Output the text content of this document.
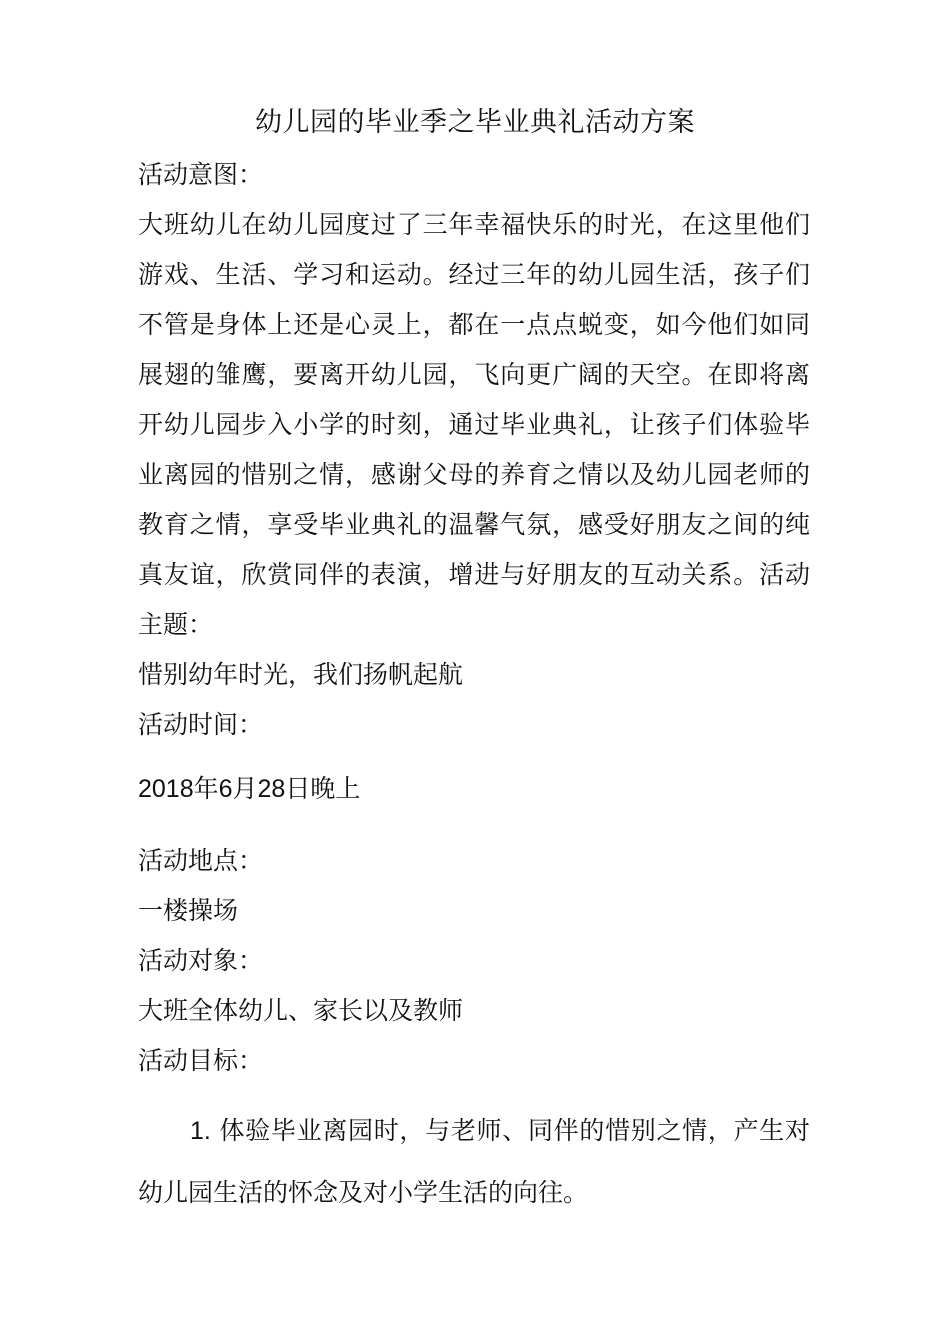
幼儿园的毕业季之毕业典礼活动方案

活动意图：

大班幼儿在幼儿园度过了三年幸福快乐的时光，在这里他们游戏、生活、学习和运动。经过三年的幼儿园生活，孩子们不管是身体上还是心灵上，都在一点点蜕变，如今他们如同展翅的雏鹰，要离开幼儿园，飞向更广阔的天空。在即将离开幼儿园步入小学的时刻，通过毕业典礼，让孩子们体验毕业离园的惜别之情，感谢父母的养育之情以及幼儿园老师的教育之情，享受毕业典礼的温馨气氛，感受好朋友之间的纯真友谊，欣赏同伴的表演，增进与好朋友的互动关系。活动主题：

惜别幼年时光，我们扬帆起航

活动时间：

2018年6月28日晚上

活动地点：

一楼操场

活动对象：

大班全体幼儿、家长以及教师

活动目标：

1. 体验毕业离园时，与老师、同伴的惜别之情，产生对幼儿园生活的怀念及对小学生活的向往。
